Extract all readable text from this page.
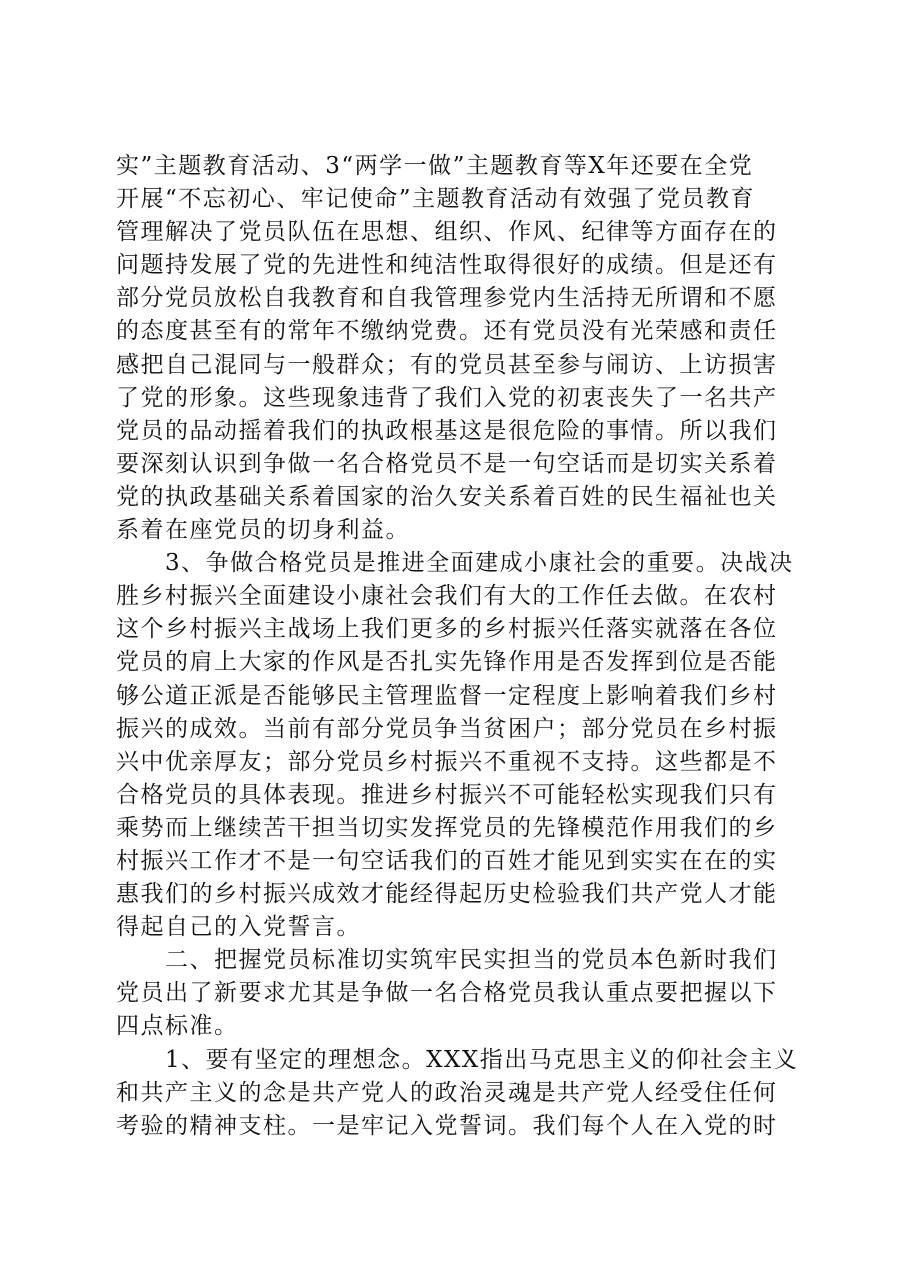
实”主题教育活动、3“两学一做”主题教育等X年还要在全党
开展“不忘初心、牢记使命”主题教育活动有效强了党员教育
管理解决了党员队伍在思想、组织、作风、纪律等方面存在的
问题持发展了党的先进性和纯洁性取得很好的成绩。但是还有
部分党员放松自我教育和自我管理参党内生活持无所谓和不愿
的态度甚至有的常年不缴纳党费。还有党员没有光荣感和责任
感把自己混同与一般群众；有的党员甚至参与闹访、上访损害
了党的形象。这些现象违背了我们入党的初衷丧失了一名共产
党员的品动摇着我们的执政根基这是很危险的事情。所以我们
要深刻认识到争做一名合格党员不是一句空话而是切实关系着
党的执政基础关系着国家的治久安关系着百姓的民生福祉也关
系着在座党员的切身利益。
　　3、争做合格党员是推进全面建成小康社会的重要。决战决
胜乡村振兴全面建设小康社会我们有大的工作任去做。在农村
这个乡村振兴主战场上我们更多的乡村振兴任落实就落在各位
党员的肩上大家的作风是否扎实先锋作用是否发挥到位是否能
够公道正派是否能够民主管理监督一定程度上影响着我们乡村
振兴的成效。当前有部分党员争当贫困户；部分党员在乡村振
兴中优亲厚友；部分党员乡村振兴不重视不支持。这些都是不
合格党员的具体表现。推进乡村振兴不可能轻松实现我们只有
乘势而上继续苦干担当切实发挥党员的先锋模范作用我们的乡
村振兴工作才不是一句空话我们的百姓才能见到实实在在的实
惠我们的乡村振兴成效才能经得起历史检验我们共产党人才能
得起自己的入党誓言。
　　二、把握党员标准切实筑牢民实担当的党员本色新时我们
党员出了新要求尤其是争做一名合格党员我认重点要把握以下
四点标准。
　　1、要有坚定的理想念。XXX指出马克思主义的仰社会主义
和共产主义的念是共产党人的政治灵魂是共产党人经受住任何
考验的精神支柱。一是牢记入党誓词。我们每个人在入党的时
